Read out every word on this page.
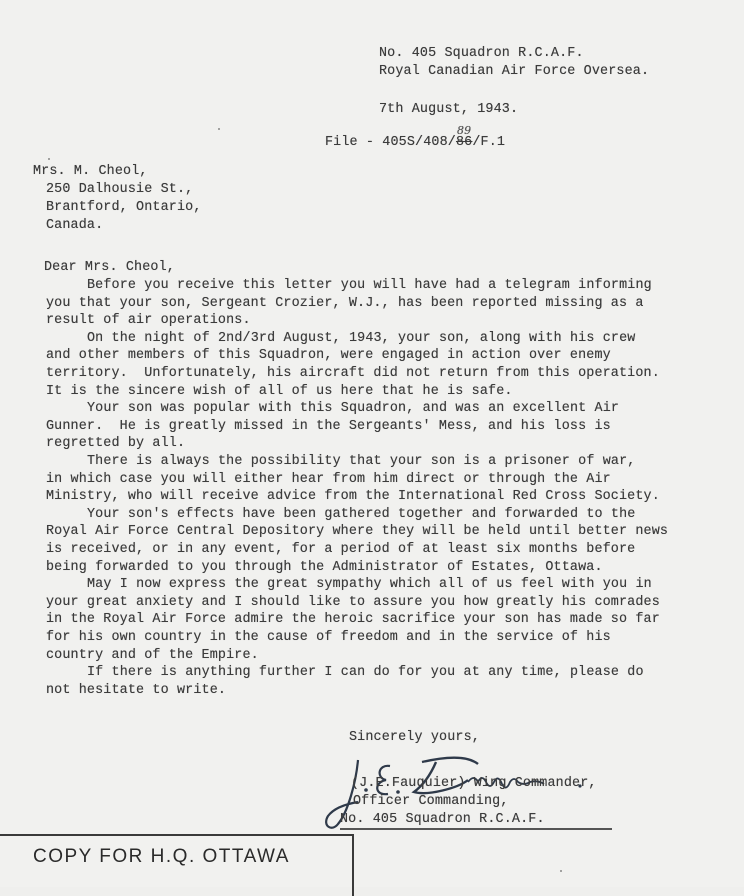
No. 405 Squadron R.C.A.F.
Royal Canadian Air Force Oversea.
7th August, 1943.
File - 405S/408/
89
86/F.1
Mrs. M. Cheol,
250 Dalhousie St.,
Brantford, Ontario,
Canada.
Dear Mrs. Cheol,
Before you receive this letter you will have had a telegram informing
you that your son, Sergeant Crozier, W.J., has been reported missing as a
result of air operations.
On the night of 2nd/3rd August, 1943, your son, along with his crew
and other members of this Squadron, were engaged in action over enemy
territory.  Unfortunately, his aircraft did not return from this operation.
It is the sincere wish of all of us here that he is safe.
Your son was popular with this Squadron, and was an excellent Air
Gunner.  He is greatly missed in the Sergeants' Mess, and his loss is
regretted by all.
There is always the possibility that your son is a prisoner of war,
in which case you will either hear from him direct or through the Air
Ministry, who will receive advice from the International Red Cross Society.
Your son's effects have been gathered together and forwarded to the
Royal Air Force Central Depository where they will be held until better news
is received, or in any event, for a period of at least six months before
being forwarded to you through the Administrator of Estates, Ottawa.
May I now express the great sympathy which all of us feel with you in
your great anxiety and I should like to assure you how greatly his comrades
in the Royal Air Force admire the heroic sacrifice your son has made so far
for his own country in the cause of freedom and in the service of his
country and of the Empire.
If there is anything further I can do for you at any time, please do
not hesitate to write.
Sincerely yours,
(J.E.Fauquier) Wing Commander,
Officer Commanding,
No. 405 Squadron R.C.A.F.
COPY FOR H.Q. OTTAWA
